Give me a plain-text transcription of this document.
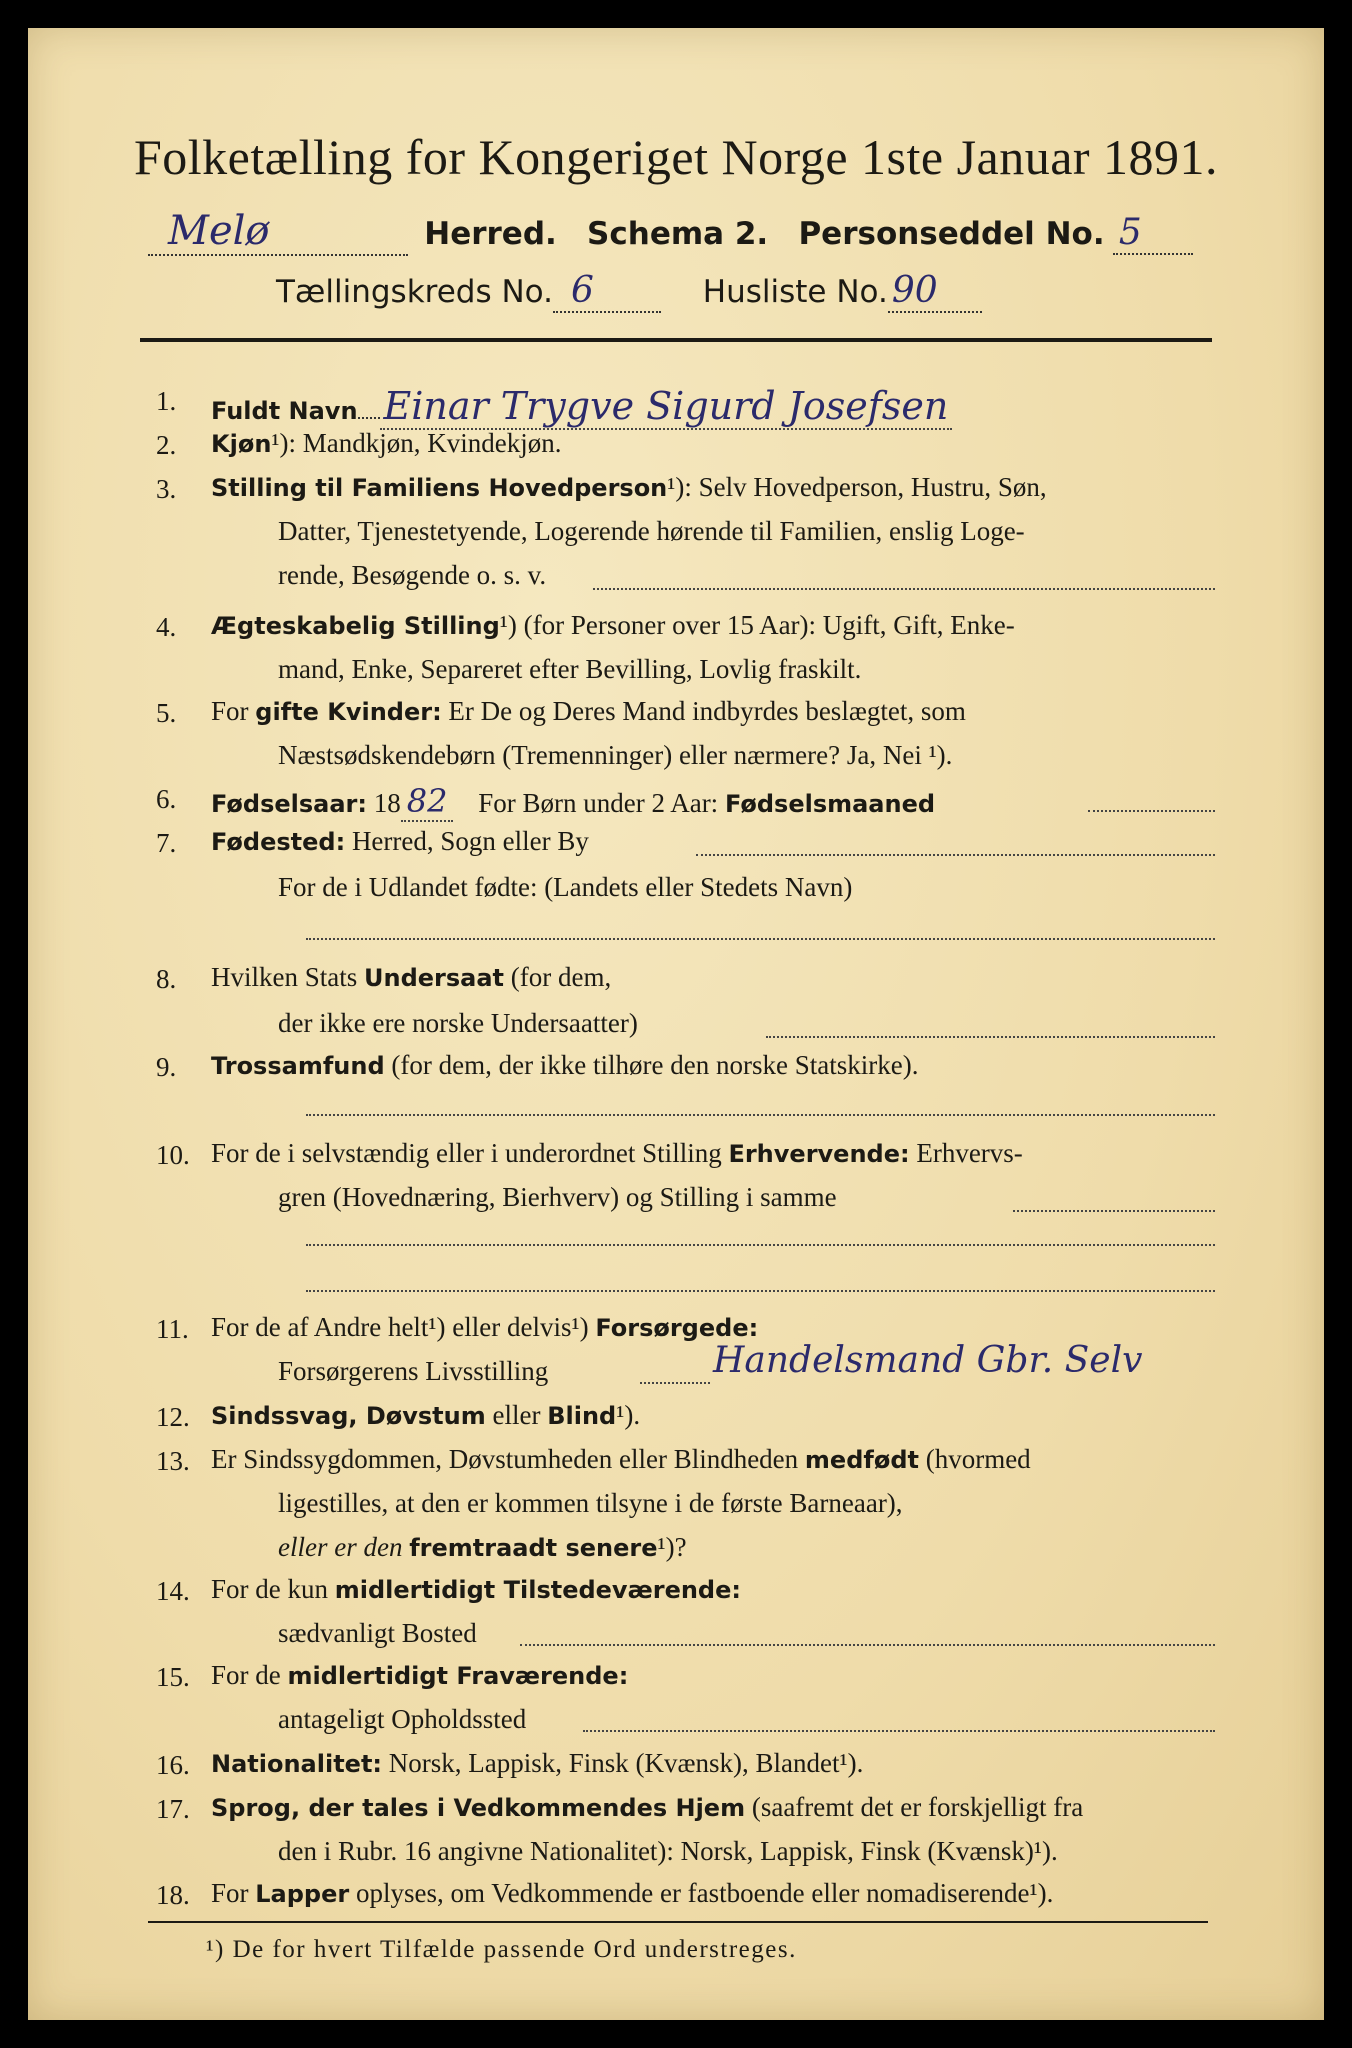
Folketælling for Kongeriget Norge 1ste Januar 1891.
Melø	Herred. Schema 2. Personseddel No. 5
Tællingskreds No. 6	Husliste No. 90
1.	Fuldt Navn Einar Trygve Sigurd Josefsen
2.	Kjøn¹): Mandkjøn, Kvindekjøn.
3.	Stilling til Familiens Hovedperson¹): Selv Hovedperson, Hustru, Søn,
Datter, Tjenestetyende, Logerende hørende til Familien, enslig Loge-
rende, Besøgende o. s. v.
4.	Ægteskabelig Stilling¹) (for Personer over 15 Aar): Ugift, Gift, Enke-
mand, Enke, Separeret efter Bevilling, Lovlig fraskilt.
5.	For gifte Kvinder: Er De og Deres Mand indbyrdes beslægtet, som
Næstsødskendebørn (Tremenninger) eller nærmere? Ja, Nei ¹).
6.	Fødselsaar: 18 82 For Børn under 2 Aar: Fødselsmaaned
7.	Fødested: Herred, Sogn eller By
For de i Udlandet fødte: (Landets eller Stedets Navn)
8.	Hvilken Stats Undersaat (for dem,
der ikke ere norske Undersaatter)
9.	Trossamfund (for dem, der ikke tilhøre den norske Statskirke).
10. For de i selvstændig eller i underordnet Stilling Erhvervende: Erhvervs-
gren (Hovednæring, Bierhverv) og Stilling i samme
11. For de af Andre helt¹) eller delvis¹) Forsørgede:
Forsørgerens Livsstilling	Handelsmand Gbr. Selv
12. Sindssvag, Døvstum eller Blind¹).
13. Er Sindssygdommen, Døvstumheden eller Blindheden medfødt (hvormed
ligestilles, at den er kommen tilsyne i de første Barneaar),
eller er den fremtraadt senere¹)?
14. For de kun midlertidigt Tilstedeværende:
sædvanligt Bosted
15. For de midlertidigt Fraværende:
antageligt Opholdssted
16. Nationalitet: Norsk, Lappisk, Finsk (Kvænsk), Blandet¹).
17. Sprog, der tales i Vedkommendes Hjem (saafremt det er forskjelligt fra
den i Rubr. 16 angivne Nationalitet): Norsk, Lappisk, Finsk (Kvænsk)¹).
18. For Lapper oplyses, om Vedkommende er fastboende eller nomadiserende¹).
¹) De for hvert Tilfælde passende Ord understreges.
